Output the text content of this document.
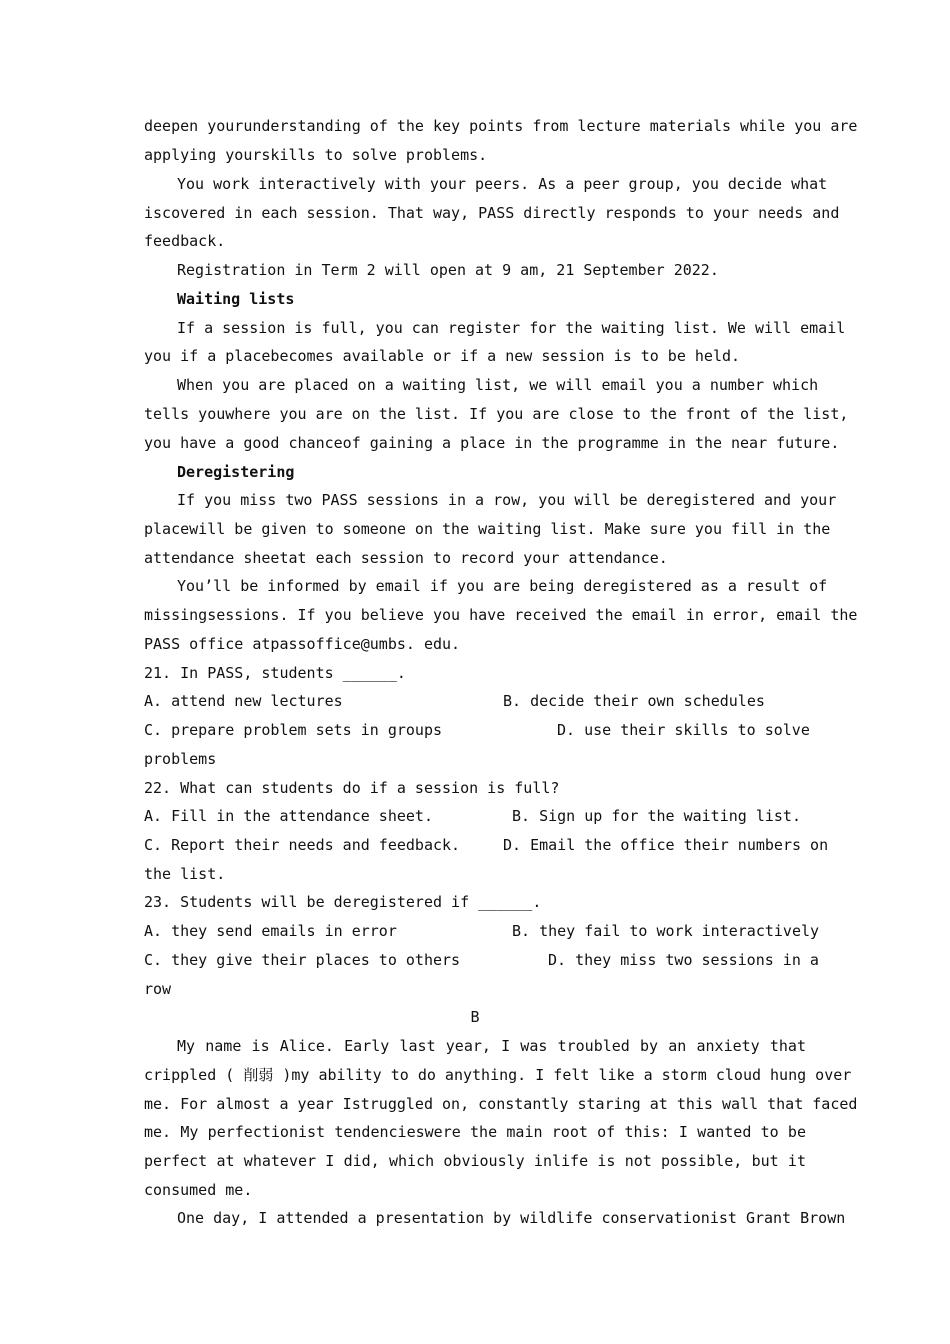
deepen yourunderstanding of the key points from lecture materials while you are
applying yourskills to solve problems.
You work interactively with your peers. As a peer group, you decide what
iscovered in each session. That way, PASS directly responds to your needs and
feedback.
Registration in Term 2 will open at 9 am, 21 September 2022.
Waiting lists
If a session is full, you can register for the waiting list. We will email
you if a placebecomes available or if a new session is to be held.
When you are placed on a waiting list, we will email you a number which
tells youwhere you are on the list. If you are close to the front of the list,
you have a good chanceof gaining a place in the programme in the near future.
Deregistering
If you miss two PASS sessions in a row, you will be deregistered and your
placewill be given to someone on the waiting list. Make sure you fill in the
attendance sheetat each session to record your attendance.
You’ll be informed by email if you are being deregistered as a result of
missingsessions. If you believe you have received the email in error, email the
PASS office atpassoffice@umbs. edu.
21. In PASS, students ______.
A. attend new lectures	B. decide their own schedules
C. prepare problem sets in groups	D. use their skills to solve
problems
22. What can students do if a session is full?
A. Fill in the attendance sheet.	B. Sign up for the waiting list.
C. Report their needs and feedback.	D. Email the office their numbers on
the list.
23. Students will be deregistered if ______.
A. they send emails in error	B. they fail to work interactively
C. they give their places to others	D. they miss two sessions in a
row
B
My name is Alice. Early last year, I was troubled by an anxiety that
crippled ( 削弱 )my ability to do anything. I felt like a storm cloud hung over
me. For almost a year Istruggled on, constantly staring at this wall that faced
me. My perfectionist tendencieswere the main root of this: I wanted to be
perfect at whatever I did, which obviously inlife is not possible, but it
consumed me.
One day, I attended a presentation by wildlife conservationist Grant Brown
